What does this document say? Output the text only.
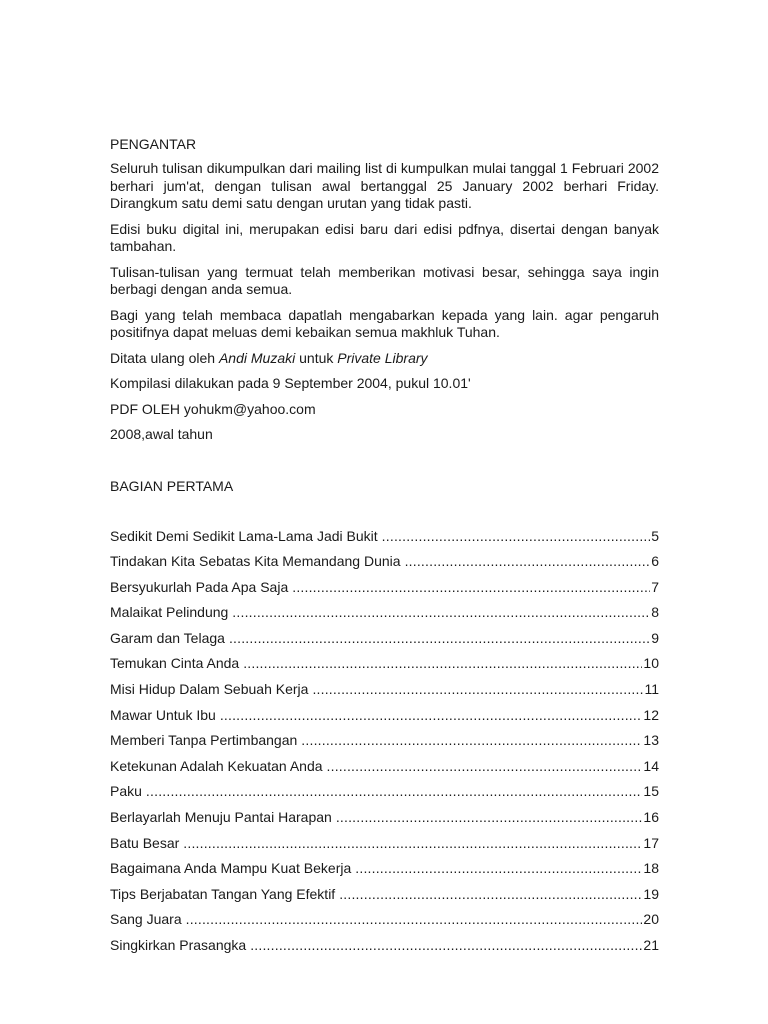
PENGANTAR

Seluruh tulisan dikumpulkan dari mailing list di kumpulkan mulai tanggal 1 Februari 2002 berhari jum'at, dengan tulisan awal bertanggal 25 January 2002 berhari Friday. Dirangkum satu demi satu dengan urutan yang tidak pasti.

Edisi buku digital ini, merupakan edisi baru dari edisi pdfnya, disertai dengan banyak tambahan.

Tulisan-tulisan yang termuat telah memberikan motivasi besar, sehingga saya ingin berbagi dengan anda semua.

Bagi yang telah membaca dapatlah mengabarkan kepada yang lain. agar pengaruh positifnya dapat meluas demi kebaikan semua makhluk Tuhan.

Ditata ulang oleh Andi Muzaki untuk Private Library

Kompilasi dilakukan pada 9 September 2004, pukul 10.01'

PDF OLEH yohukm@yahoo.com

2008,awal tahun

BAGIAN PERTAMA
Sedikit Demi Sedikit Lama-Lama Jadi Bukit .....	5
Tindakan Kita Sebatas Kita Memandang Dunia .....	6
Bersyukurlah Pada Apa Saja .....	7
Malaikat Pelindung .....	8
Garam dan Telaga .....	9
Temukan Cinta Anda .....	10
Misi Hidup Dalam Sebuah Kerja .....	11
Mawar Untuk Ibu .....	12
Memberi Tanpa Pertimbangan .....	13
Ketekunan Adalah Kekuatan Anda .....	14
Paku .....	15
Berlayarlah Menuju Pantai Harapan .....	16
Batu Besar .....	17
Bagaimana Anda Mampu Kuat Bekerja .....	18
Tips Berjabatan Tangan Yang Efektif .....	19
Sang Juara .....	20
Singkirkan Prasangka .....	21
